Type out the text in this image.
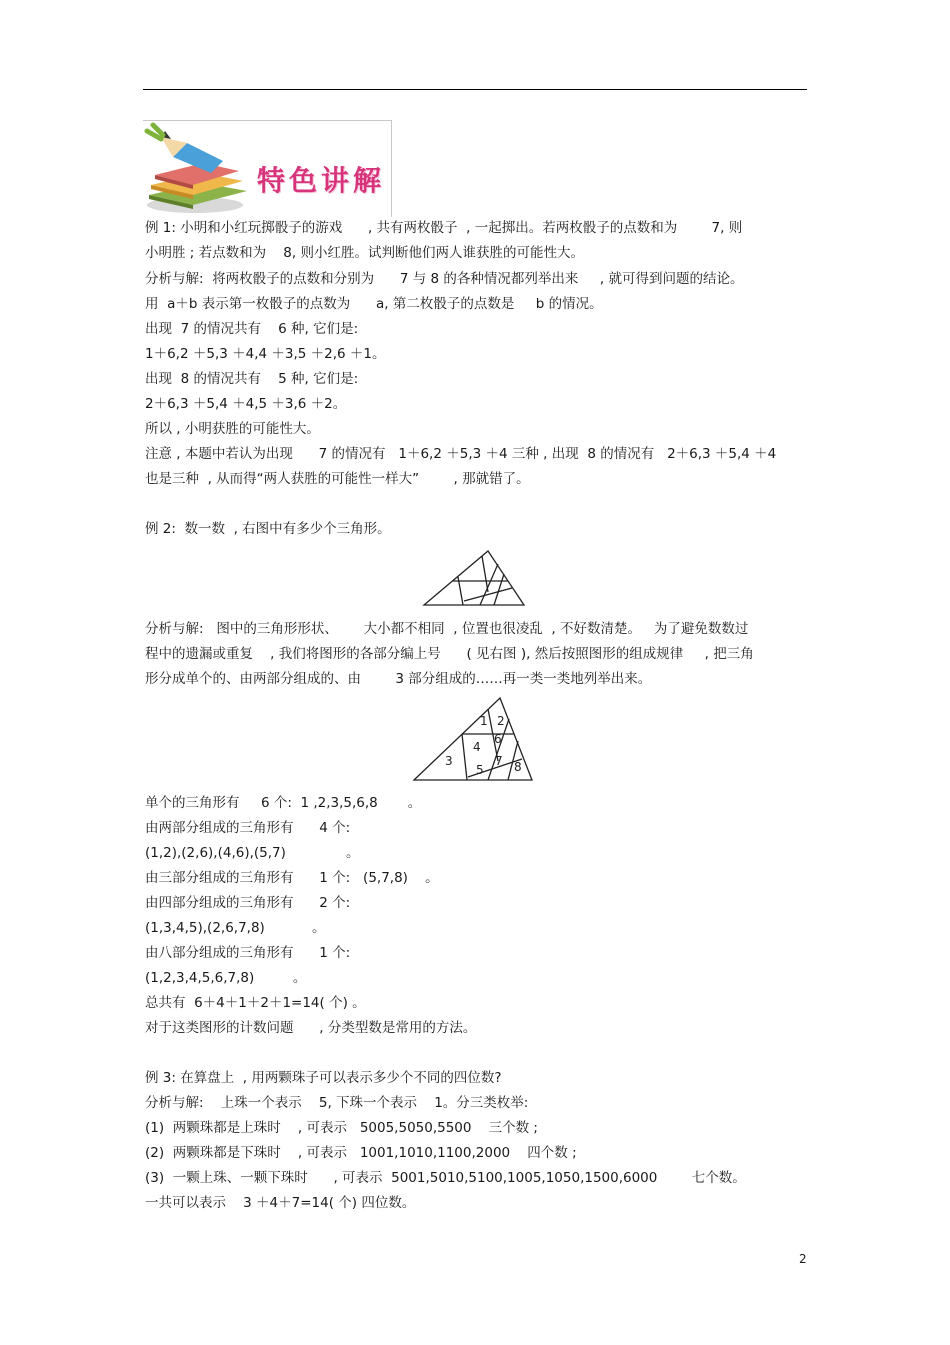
特色讲解
例 1: 小明和小红玩掷骰子的游戏      , 共有两枚骰子  , 一起掷出。若两枚骰子的点数和为        7, 则
小明胜 ; 若点数和为    8, 则小红胜。试判断他们两人谁获胜的可能性大。
分析与解:  将两枚骰子的点数和分别为      7 与 8 的各种情况都列举出来     , 就可得到问题的结论。
用  a＋b 表示第一枚骰子的点数为      a, 第二枚骰子的点数是     b 的情况。
出现  7 的情况共有    6 种, 它们是:
1＋6,2 ＋5,3 ＋4,4 ＋3,5 ＋2,6 ＋1。
出现  8 的情况共有    5 种, 它们是:
2＋6,3 ＋5,4 ＋4,5 ＋3,6 ＋2。
所以 , 小明获胜的可能性大。
注意 , 本题中若认为出现      7 的情况有   1＋6,2 ＋5,3 ＋4 三种 , 出现  8 的情况有   2＋6,3 ＋5,4 ＋4
也是三种  , 从而得“两人获胜的可能性一样大”        , 那就错了。
例 2:  数一数  , 右图中有多少个三角形。
分析与解:   图中的三角形形状、      大小都不相同  , 位置也很凌乱  , 不好数清楚。   为了避免数数过
程中的遗漏或重复    , 我们将图形的各部分编上号      ( 见右图 ), 然后按照图形的组成规律     , 把三角
形分成单个的、由两部分组成的、由        3 部分组成的……再一类一类地列举出来。
1 2
3
4
5
6
7 8
单个的三角形有     6 个:  1 ,2,3,5,6,8       。
由两部分组成的三角形有      4 个:
(1,2),(2,6),(4,6),(5,7)              。
由三部分组成的三角形有      1 个:   (5,7,8)    。
由四部分组成的三角形有      2 个:
(1,3,4,5),(2,6,7,8)           。
由八部分组成的三角形有      1 个:
(1,2,3,4,5,6,7,8)         。
总共有  6＋4＋1＋2＋1=14( 个) 。
对于这类图形的计数问题      , 分类型数是常用的方法。
例 3: 在算盘上  , 用两颗珠子可以表示多少个不同的四位数?
分析与解:    上珠一个表示    5, 下珠一个表示    1。分三类枚举:
(1)  两颗珠都是上珠时    , 可表示   5005,5050,5500    三个数 ;
(2)  两颗珠都是下珠时    , 可表示   1001,1010,1100,2000    四个数 ;
(3)  一颗上珠、一颗下珠时      , 可表示  5001,5010,5100,1005,1050,1500,6000        七个数。
一共可以表示    3 ＋4＋7=14( 个) 四位数。
2
